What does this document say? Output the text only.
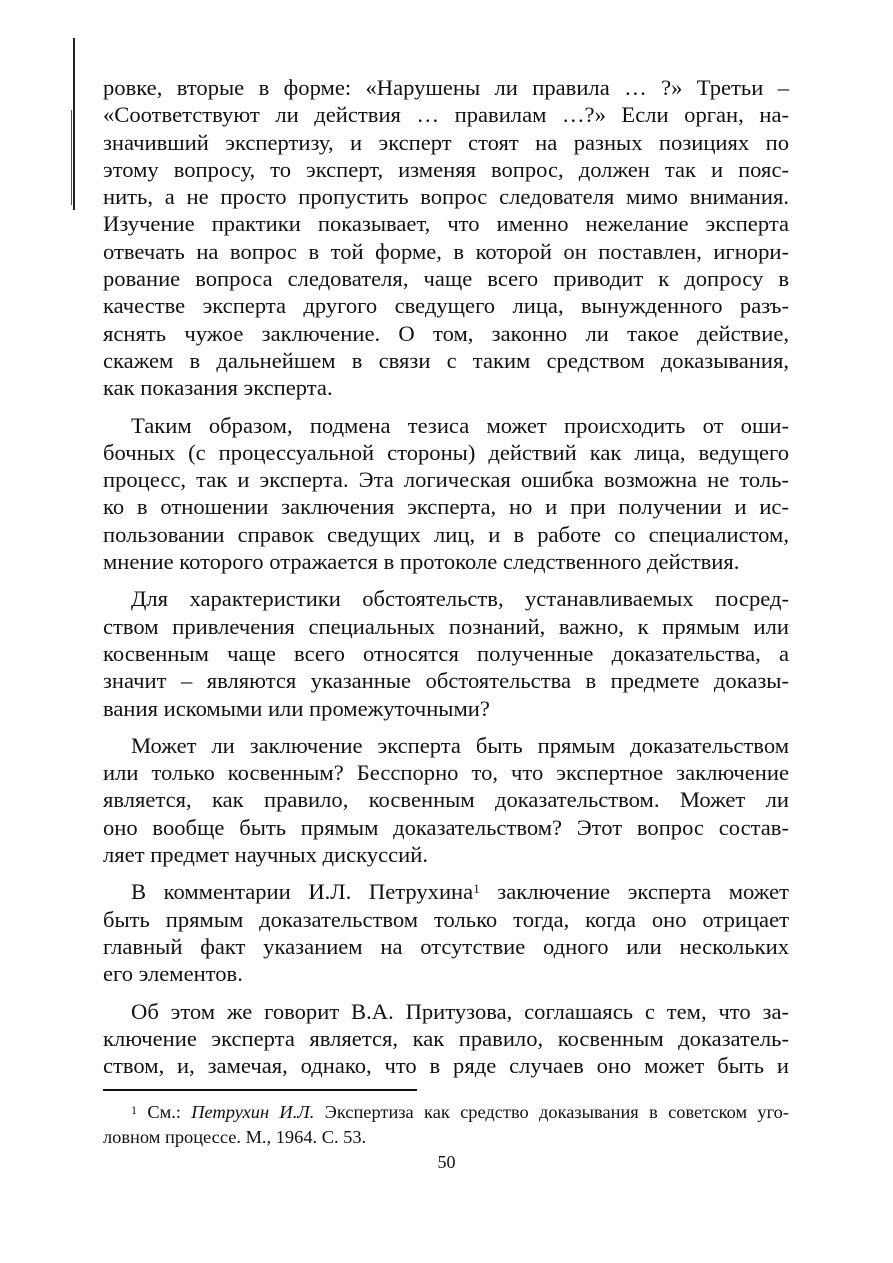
ровке, вторые в форме: «Нарушены ли правила … ?» Третьи –
«Соответствуют ли действия … правилам …?» Если орган, на-
значивший экспертизу, и эксперт стоят на разных позициях по
этому вопросу, то эксперт, изменяя вопрос, должен так и пояс-
нить, а не просто пропустить вопрос следователя мимо внимания.
Изучение практики показывает, что именно нежелание эксперта
отвечать на вопрос в той форме, в которой он поставлен, игнори-
рование вопроса следователя, чаще всего приводит к допросу в
качестве эксперта другого сведущего лица, вынужденного разъ-
яснять чужое заключение. О том, законно ли такое действие,
скажем в дальнейшем в связи с таким средством доказывания,
как показания эксперта.
Таким образом, подмена тезиса может происходить от оши-
бочных (с процессуальной стороны) действий как лица, ведущего
процесс, так и эксперта. Эта логическая ошибка возможна не толь-
ко в отношении заключения эксперта, но и при получении и ис-
пользовании справок сведущих лиц, и в работе со специалистом,
мнение которого отражается в протоколе следственного действия.
Для характеристики обстоятельств, устанавливаемых посред-
ством привлечения специальных познаний, важно, к прямым или
косвенным чаще всего относятся полученные доказательства, а
значит – являются указанные обстоятельства в предмете доказы-
вания искомыми или промежуточными?
Может ли заключение эксперта быть прямым доказательством
или только косвенным? Бесспорно то, что экспертное заключение
является, как правило, косвенным доказательством. Может ли
оно вообще быть прямым доказательством? Этот вопрос состав-
ляет предмет научных дискуссий.
В комментарии И.Л. Петрухина$^1$ заключение эксперта может
быть прямым доказательством только тогда, когда оно отрицает
главный факт указанием на отсутствие одного или нескольких
его элементов.
Об этом же говорит В.А. Притузова, соглашаясь с тем, что за-
ключение эксперта является, как правило, косвенным доказатель-
ством, и, замечая, однако, что в ряде случаев оно может быть и
$^1$ См.: Петрухин И.Л. Экспертиза как средство доказывания в советском уго-
ловном процессе. М., 1964. С. 53.
50
